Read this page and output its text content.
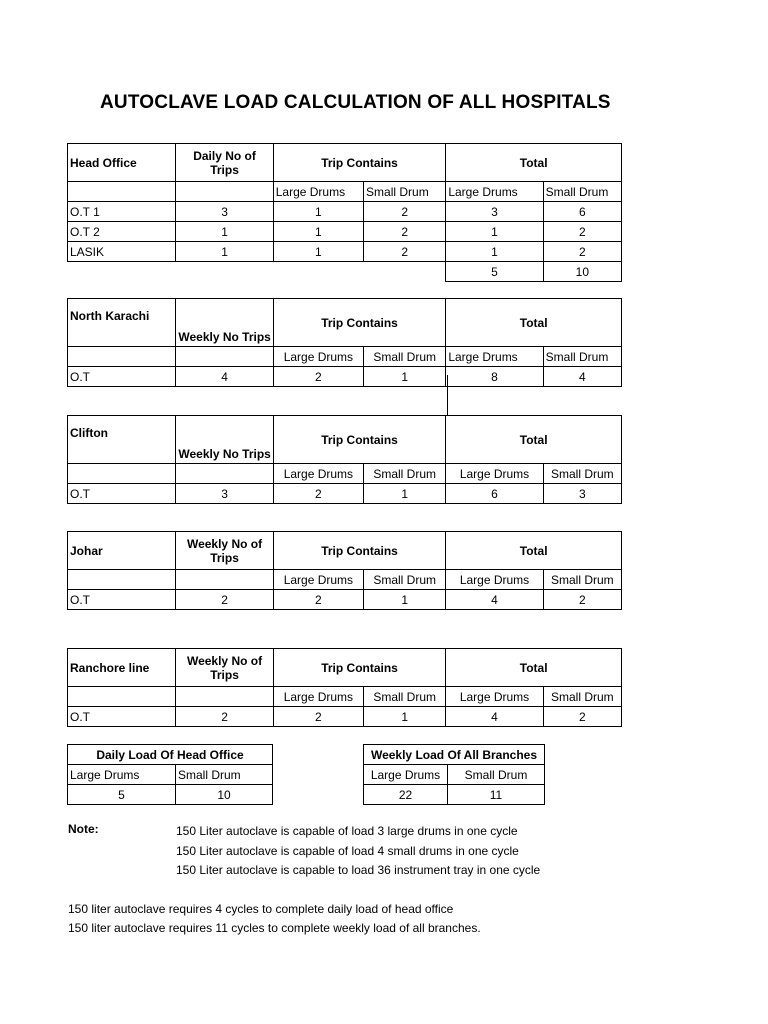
AUTOCLAVE LOAD CALCULATION OF ALL HOSPITALS
Head Office	Daily No of Trips	Trip Contains		Total	
		Large Drums	Small Drum	Large Drums	Small Drum
O.T 1	3	1	2	3	6
O.T 2	1	1	2	1	2
LASIK	1	1	2	1	2
				5	10
North Karachi	Weekly No Trips	Trip Contains		Total	
		Large Drums	Small Drum	Large Drums	Small Drum
O.T	4	2	1	8	4
Clifton	Weekly No Trips	Trip Contains		Total	
		Large Drums	Small Drum	Large Drums	Small Drum
O.T	3	2	1	6	3
Johar	Weekly No of Trips	Trip Contains		Total	
		Large Drums	Small Drum	Large Drums	Small Drum
O.T	2	2	1	4	2
Ranchore line	Weekly No of Trips	Trip Contains		Total	
		Large Drums	Small Drum	Large Drums	Small Drum
O.T	2	2	1	4	2
Daily Load Of Head Office	
Large Drums	Small Drum
5	10
Weekly Load Of All Branches	
Large Drums	Small Drum
22	11
Note:	150 Liter autoclave is capable of load 3 large drums in one cycle
150 Liter autoclave is capable of load 4 small drums in one cycle
150 Liter autoclave is capable to load 36 instrument tray in one cycle
150 liter autoclave requires 4 cycles to complete daily load of head office
150 liter autoclave requires 11 cycles to complete weekly load of all branches.
